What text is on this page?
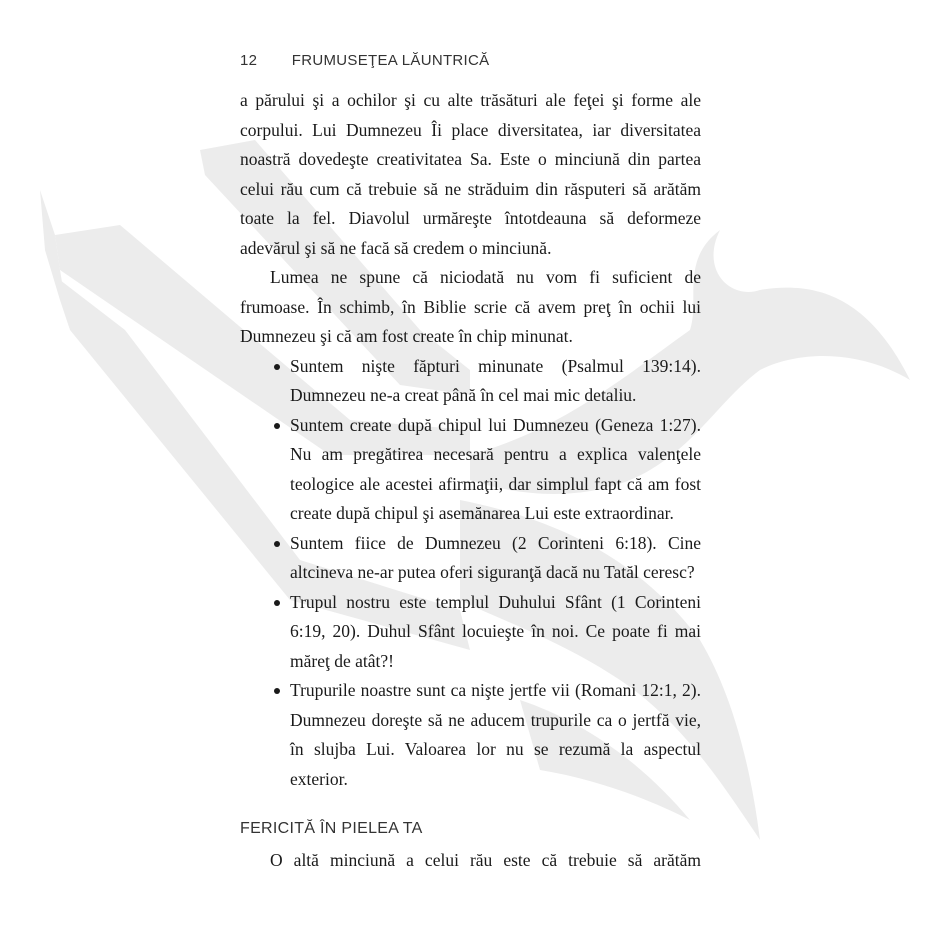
12 FRUMUSEŢEA LĂUNTRICĂ

a părului şi a ochilor şi cu alte trăsături ale feţei şi forme ale corpului. Lui Dumnezeu Îi place diversitatea, iar diversitatea noastră dovedeşte creativitatea Sa. Este o minciună din partea celui rău cum că trebuie să ne străduim din răsputeri să arătăm toate la fel. Diavolul urmăreşte întotdeauna să deformeze adevărul şi să ne facă să credem o minciună.

Lumea ne spune că niciodată nu vom fi suficient de frumoase. În schimb, în Biblie scrie că avem preţ în ochii lui Dumnezeu şi că am fost create în chip minunat.

Suntem nişte făpturi minunate (Psalmul 139:14). Dumnezeu ne-a creat până în cel mai mic detaliu.
Suntem create după chipul lui Dumnezeu (Geneza 1:27). Nu am pregătirea necesară pentru a explica valenţele teologice ale acestei afirmaţii, dar simplul fapt că am fost create după chipul şi asemănarea Lui este extraordinar.
Suntem fiice de Dumnezeu (2 Corinteni 6:18). Cine altcineva ne-ar putea oferi siguranţă dacă nu Tatăl ceresc?
Trupul nostru este templul Duhului Sfânt (1 Corinteni 6:19, 20). Duhul Sfânt locuieşte în noi. Ce poate fi mai măreţ de atât?!
Trupurile noastre sunt ca nişte jertfe vii (Romani 12:1, 2). Dumnezeu doreşte să ne aducem trupurile ca o jertfă vie, în slujba Lui. Valoarea lor nu se rezumă la aspectul exterior.
FERICITĂ ÎN PIELEA TA

O altă minciună a celui rău este că trebuie să arătăm
